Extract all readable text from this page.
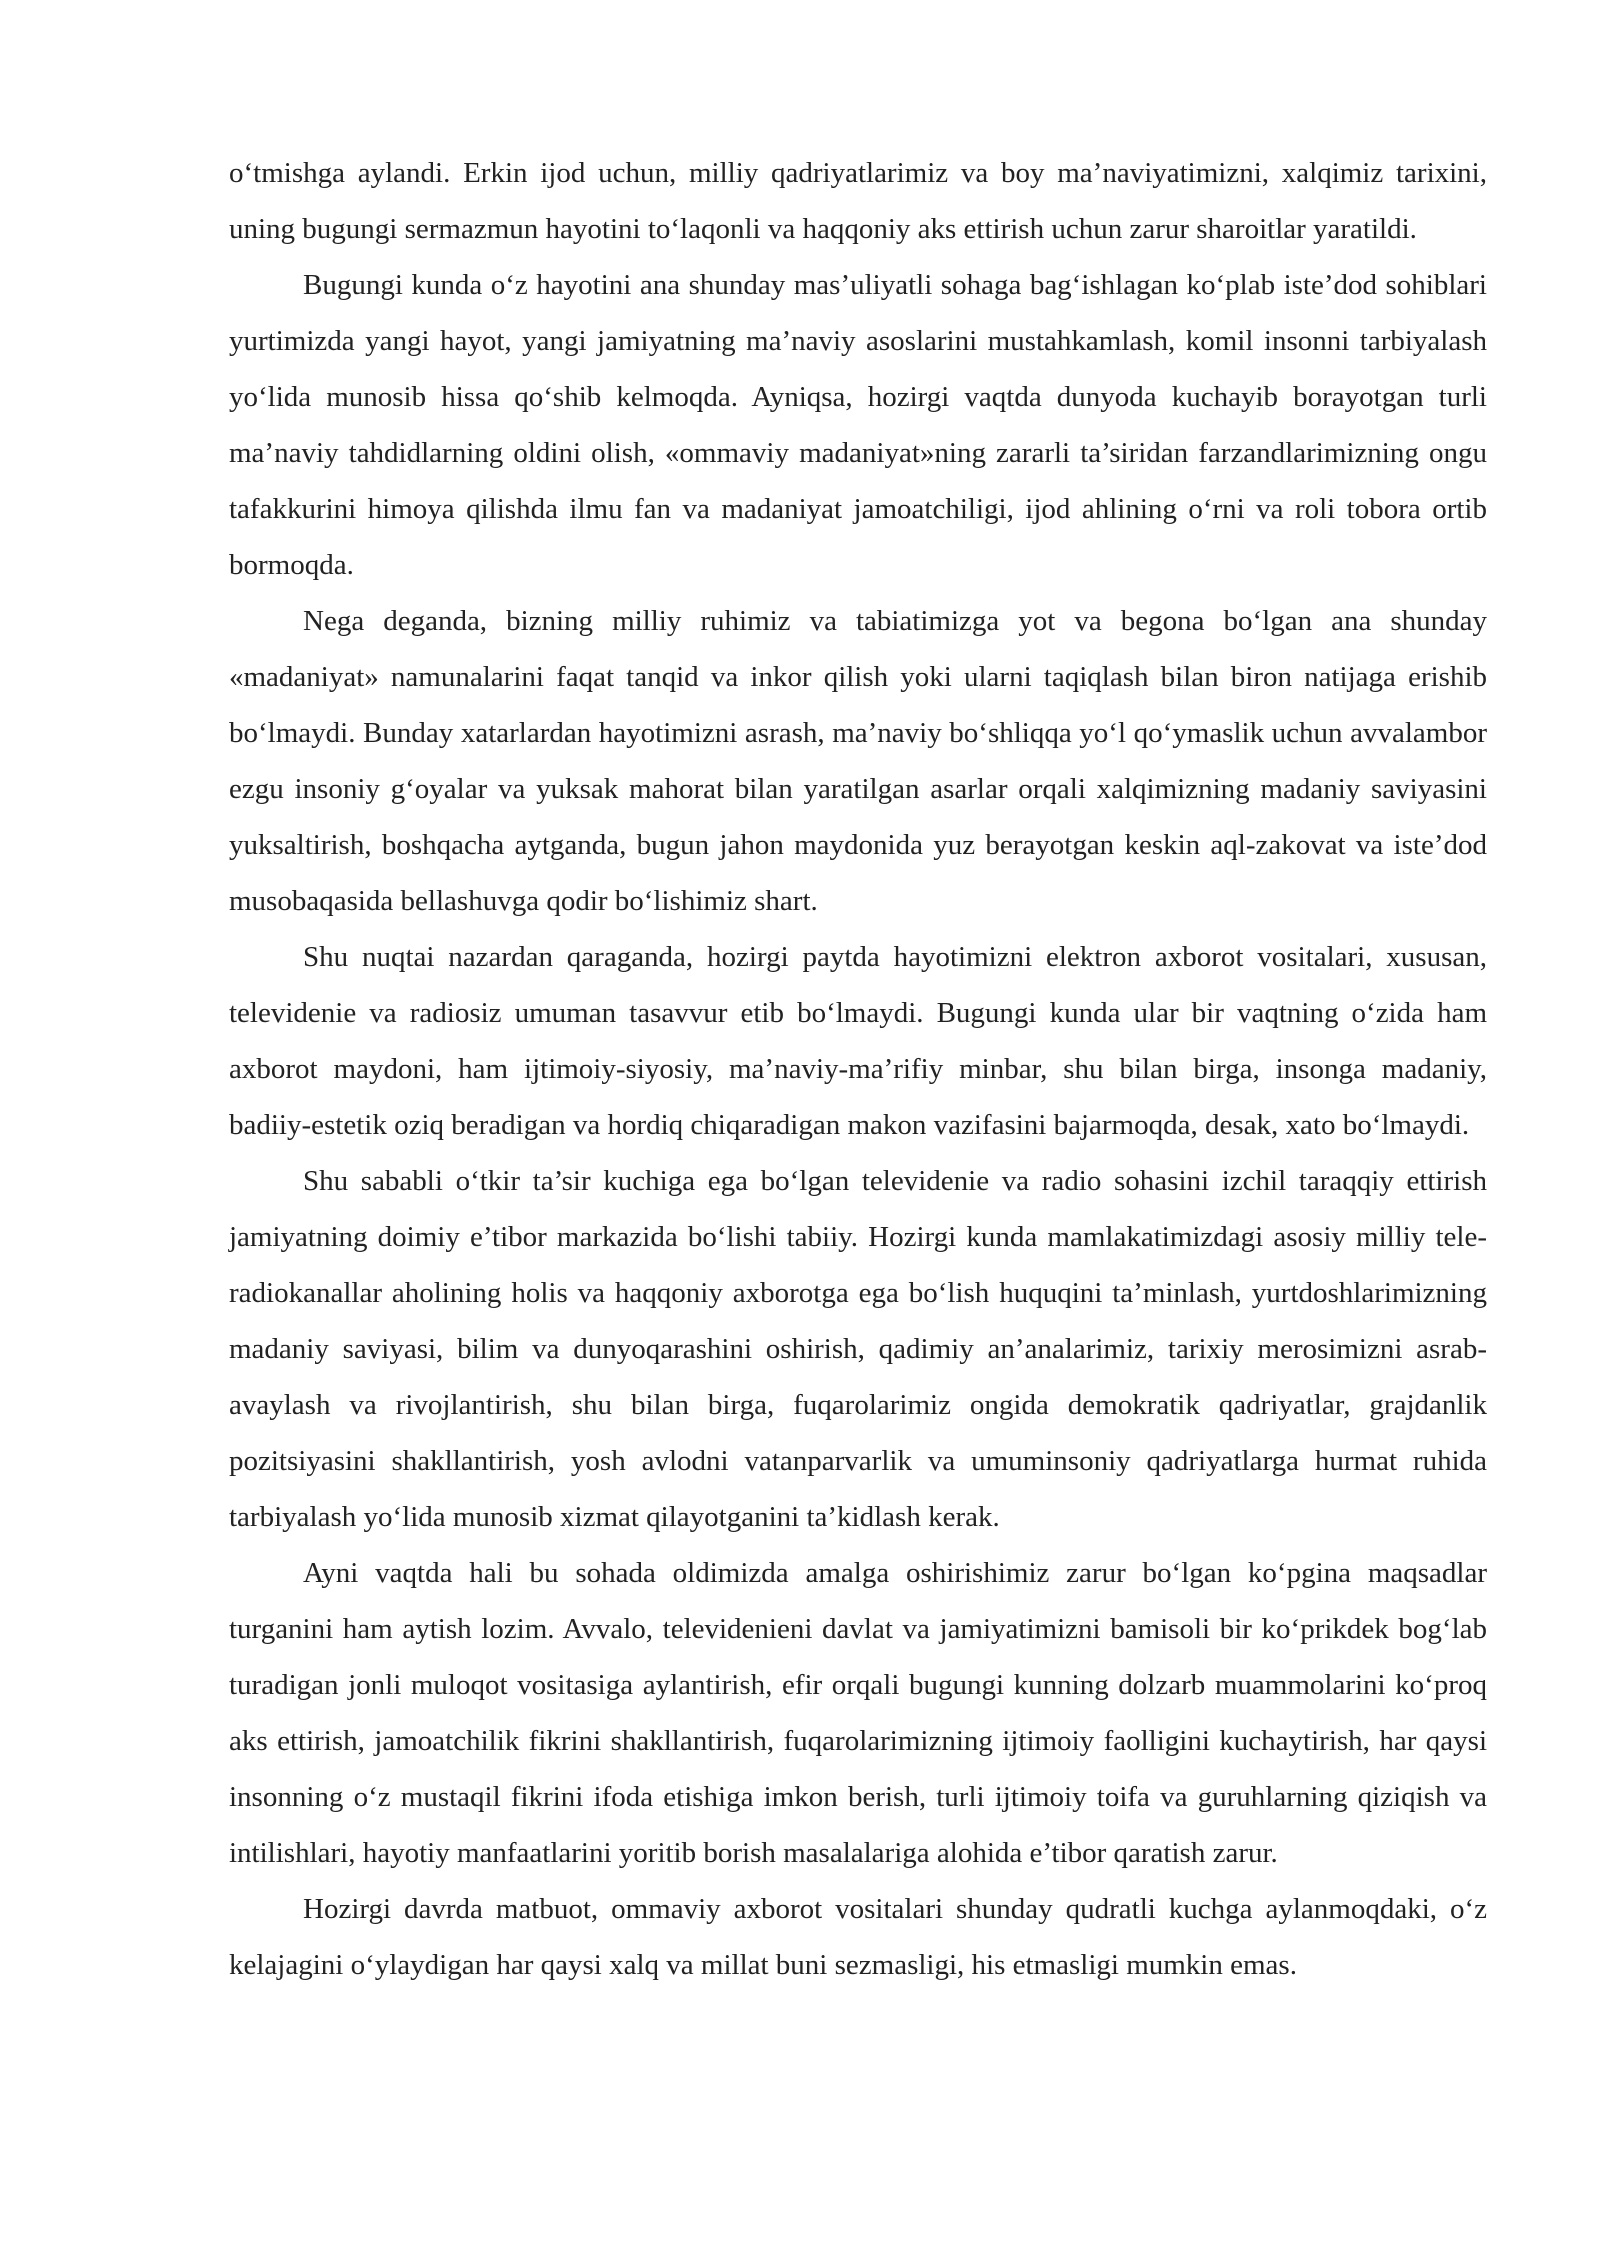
o‘tmishga aylandi. Erkin ijod uchun, milliy qadriyatlarimiz va boy ma’naviyatimizni, xalqimiz tarixini, uning bugungi sermazmun hayotini to‘laqonli va haqqoniy aks ettirish uchun zarur sharoitlar yaratildi.

Bugungi kunda o‘z hayotini ana shunday mas’uliyatli sohaga bag‘ishlagan ko‘plab iste’dod sohiblari yurtimizda yangi hayot, yangi jamiyatning ma’naviy asoslarini mustahkamlash, komil insonni tarbiyalash yo‘lida munosib hissa qo‘shib kelmoqda. Ayniqsa, hozirgi vaqtda dunyoda kuchayib borayotgan turli ma’naviy tahdidlarning oldini olish, «ommaviy madaniyat»ning zararli ta’siridan farzandlarimizning ongu tafakkurini himoya qilishda ilmu fan va madaniyat jamoatchiligi, ijod ahlining o‘rni va roli tobora ortib bormoqda.

Nega deganda, bizning milliy ruhimiz va tabiatimizga yot va begona bo‘lgan ana shunday «madaniyat» namunalarini faqat tanqid va inkor qilish yoki ularni taqiqlash bilan biron natijaga erishib bo‘lmaydi. Bunday xatarlardan hayotimizni asrash, ma’naviy bo‘shliqqa yo‘l qo‘ymaslik uchun avvalambor ezgu insoniy g‘oyalar va yuksak mahorat bilan yaratilgan asarlar orqali xalqimizning madaniy saviyasini yuksaltirish, boshqacha aytganda, bugun jahon maydonida yuz berayotgan keskin aql-zakovat va iste’dod musobaqasida bellashuvga qodir bo‘lishimiz shart.

Shu nuqtai nazardan qaraganda, hozirgi paytda hayotimizni elektron axborot vositalari, xususan, televidenie va radiosiz umuman tasavvur etib bo‘lmaydi. Bugungi kunda ular bir vaqtning o‘zida ham axborot maydoni, ham ijtimoiy-siyosiy, ma’naviy-ma’rifiy minbar, shu bilan birga, insonga madaniy, badiiy-estetik oziq beradigan va hordiq chiqaradigan makon vazifasini bajarmoqda, desak, xato bo‘lmaydi.

Shu sababli o‘tkir ta’sir kuchiga ega bo‘lgan televidenie va radio sohasini izchil taraqqiy ettirish jamiyatning doimiy e’tibor markazida bo‘lishi tabiiy. Hozirgi kunda mamlakatimizdagi asosiy milliy tele-radiokanallar aholining holis va haqqoniy axborotga ega bo‘lish huquqini ta’minlash, yurtdoshlarimizning madaniy saviyasi, bilim va dunyoqarashini oshirish, qadimiy an’analarimiz, tarixiy merosimizni asrab-avaylash va rivojlantirish, shu bilan birga, fuqarolarimiz ongida demokratik qadriyatlar, grajdanlik pozitsiyasini shakllantirish, yosh avlodni vatanparvarlik va umuminsoniy qadriyatlarga hurmat ruhida tarbiyalash yo‘lida munosib xizmat qilayotganini ta’kidlash kerak.

Ayni vaqtda hali bu sohada oldimizda amalga oshirishimiz zarur bo‘lgan ko‘pgina maqsadlar turganini ham aytish lozim. Avvalo, televidenieni davlat va jamiyatimizni bamisoli bir ko‘prikdek bog‘lab turadigan jonli muloqot vositasiga aylantirish, efir orqali bugungi kunning dolzarb muammolarini ko‘proq aks ettirish, jamoatchilik fikrini shakllantirish, fuqarolarimizning ijtimoiy faolligini kuchaytirish, har qaysi insonning o‘z mustaqil fikrini ifoda etishiga imkon berish, turli ijtimoiy toifa va guruhlarning qiziqish va intilishlari, hayotiy manfaatlarini yoritib borish masalalariga alohida e’tibor qaratish zarur.

Hozirgi davrda matbuot, ommaviy axborot vositalari shunday qudratli kuchga aylanmoqdaki, o‘z kelajagini o‘ylaydigan har qaysi xalq va millat buni sezmasligi, his etmasligi mumkin emas.
